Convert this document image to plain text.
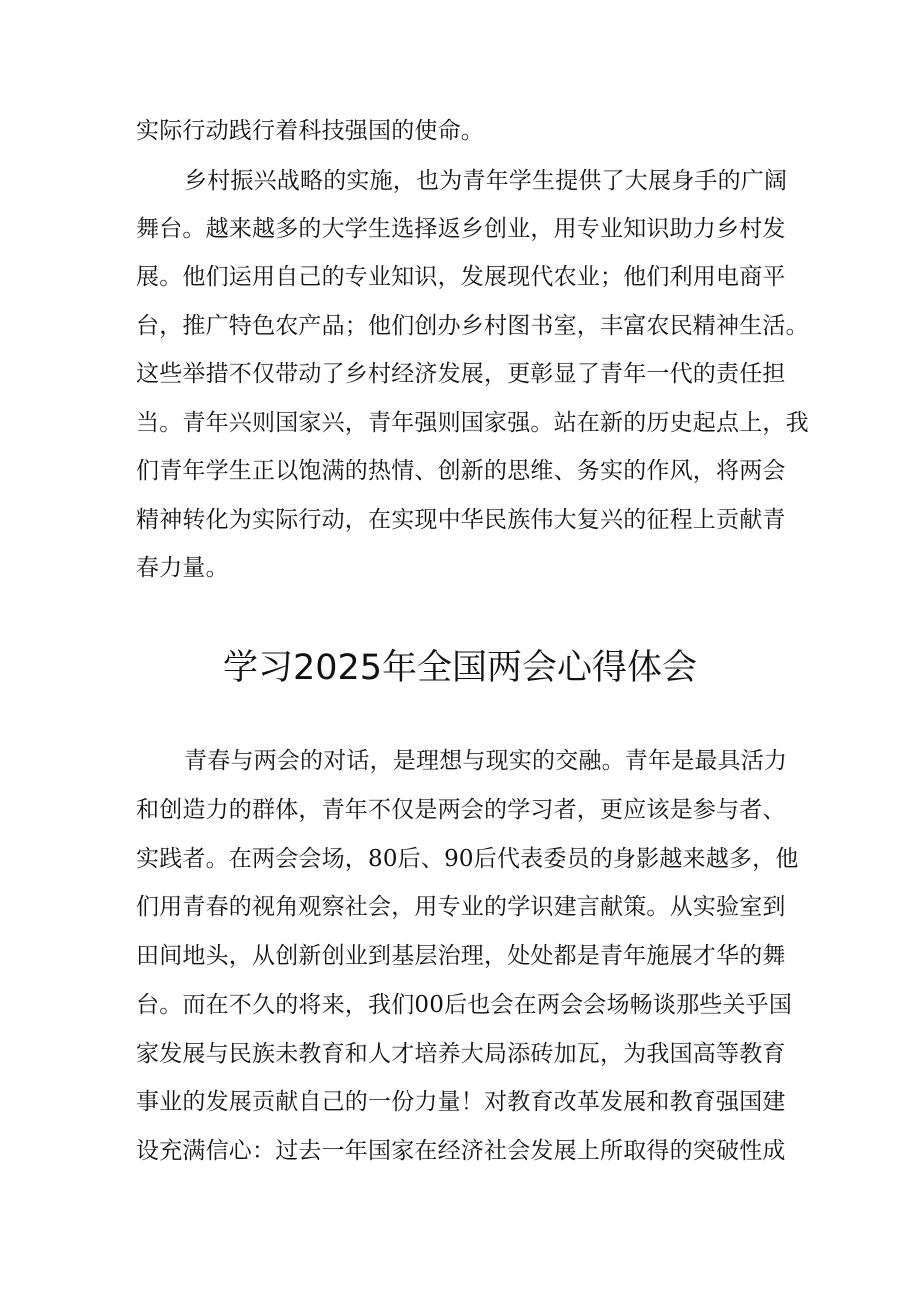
实际行动践行着科技强国的使命。
乡村振兴战略的实施，也为青年学生提供了大展身手的广阔
舞台。越来越多的大学生选择返乡创业，用专业知识助力乡村发
展。他们运用自己的专业知识，发展现代农业；他们利用电商平
台，推广特色农产品；他们创办乡村图书室，丰富农民精神生活。
这些举措不仅带动了乡村经济发展，更彰显了青年一代的责任担
当。青年兴则国家兴，青年强则国家强。站在新的历史起点上，我
们青年学生正以饱满的热情、创新的思维、务实的作风，将两会
精神转化为实际行动，在实现中华民族伟大复兴的征程上贡献青
春力量。
学习2025年全国两会心得体会
青春与两会的对话，是理想与现实的交融。青年是最具活力
和创造力的群体，青年不仅是两会的学习者，更应该是参与者、
实践者。在两会会场，80后、90后代表委员的身影越来越多，他
们用青春的视角观察社会，用专业的学识建言献策。从实验室到
田间地头，从创新创业到基层治理，处处都是青年施展才华的舞
台。而在不久的将来，我们00后也会在两会会场畅谈那些关乎国
家发展与民族未教育和人才培养大局添砖加瓦，为我国高等教育
事业的发展贡献自己的一份力量！对教育改革发展和教育强国建
设充满信心：过去一年国家在经济社会发展上所取得的突破性成
